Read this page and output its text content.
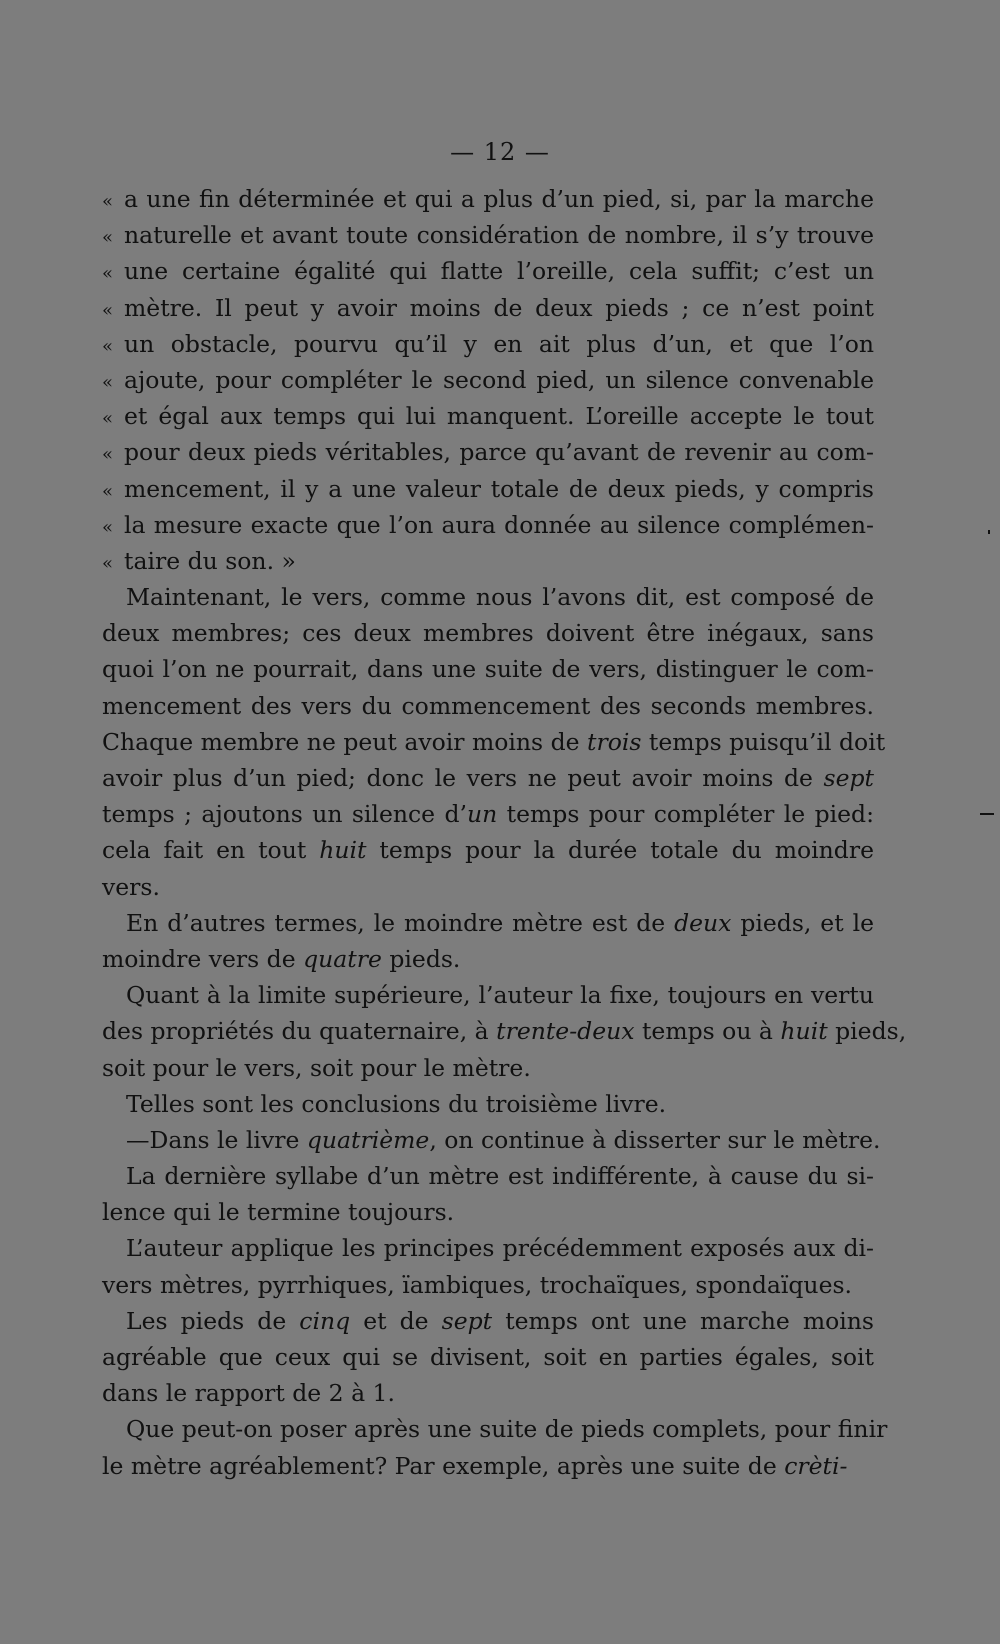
— 12 —
« a une fin déterminée et qui a plus d’un pied, si, par la marche
« naturelle et avant toute considération de nombre, il s’y trouve
« une certaine égalité qui flatte l’oreille, cela suffit; c’est un
« mètre. Il peut y avoir moins de deux pieds ; ce n’est point
« un obstacle, pourvu qu’il y en ait plus d’un, et que l’on
« ajoute, pour compléter le second pied, un silence convenable
« et égal aux temps qui lui manquent. L’oreille accepte le tout
« pour deux pieds véritables, parce qu’avant de revenir au com-
« mencement, il y a une valeur totale de deux pieds, y compris
« la mesure exacte que l’on aura donnée au silence complémen-
« taire du son. »
Maintenant, le vers, comme nous l’avons dit, est composé de
deux membres; ces deux membres doivent être inégaux, sans
quoi l’on ne pourrait, dans une suite de vers, distinguer le com-
mencement des vers du commencement des seconds membres.
Chaque membre ne peut avoir moins de trois temps puisqu’il doit
avoir plus d’un pied; donc le vers ne peut avoir moins de sept
temps ; ajoutons un silence d’un temps pour compléter le pied:
cela fait en tout huit temps pour la durée totale du moindre
vers.
En d’autres termes, le moindre mètre est de deux pieds, et le
moindre vers de quatre pieds.
Quant à la limite supérieure, l’auteur la fixe, toujours en vertu
des propriétés du quaternaire, à trente-deux temps ou à huit pieds,
soit pour le vers, soit pour le mètre.
Telles sont les conclusions du troisième livre.
—Dans le livre quatrième, on continue à disserter sur le mètre.
La dernière syllabe d’un mètre est indifférente, à cause du si-
lence qui le termine toujours.
L’auteur applique les principes précédemment exposés aux di-
vers mètres, pyrrhiques, ïambiques, trochaïques, spondaïques.
Les pieds de cinq et de sept temps ont une marche moins
agréable que ceux qui se divisent, soit en parties égales, soit
dans le rapport de 2 à 1.
Que peut-on poser après une suite de pieds complets, pour finir
le mètre agréablement? Par exemple, après une suite de crèti-
